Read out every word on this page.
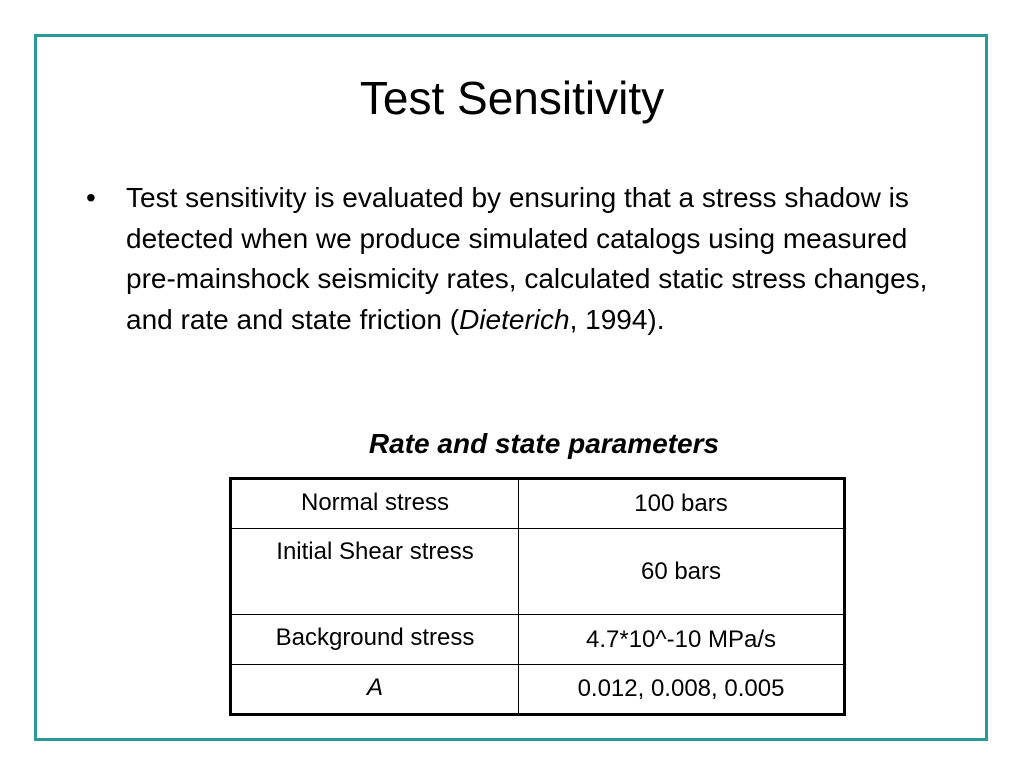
Test Sensitivity
• Test sensitivity is evaluated by ensuring that a stress shadow is detected when we produce simulated catalogs using measured pre-mainshock seismicity rates, calculated static stress changes, and rate and state friction (Dieterich, 1994).
Rate and state parameters
Normal stress	100 bars
Initial Shear stress	60 bars
Background stress	4.7*10^-10 MPa/s
A	0.012, 0.008, 0.005
